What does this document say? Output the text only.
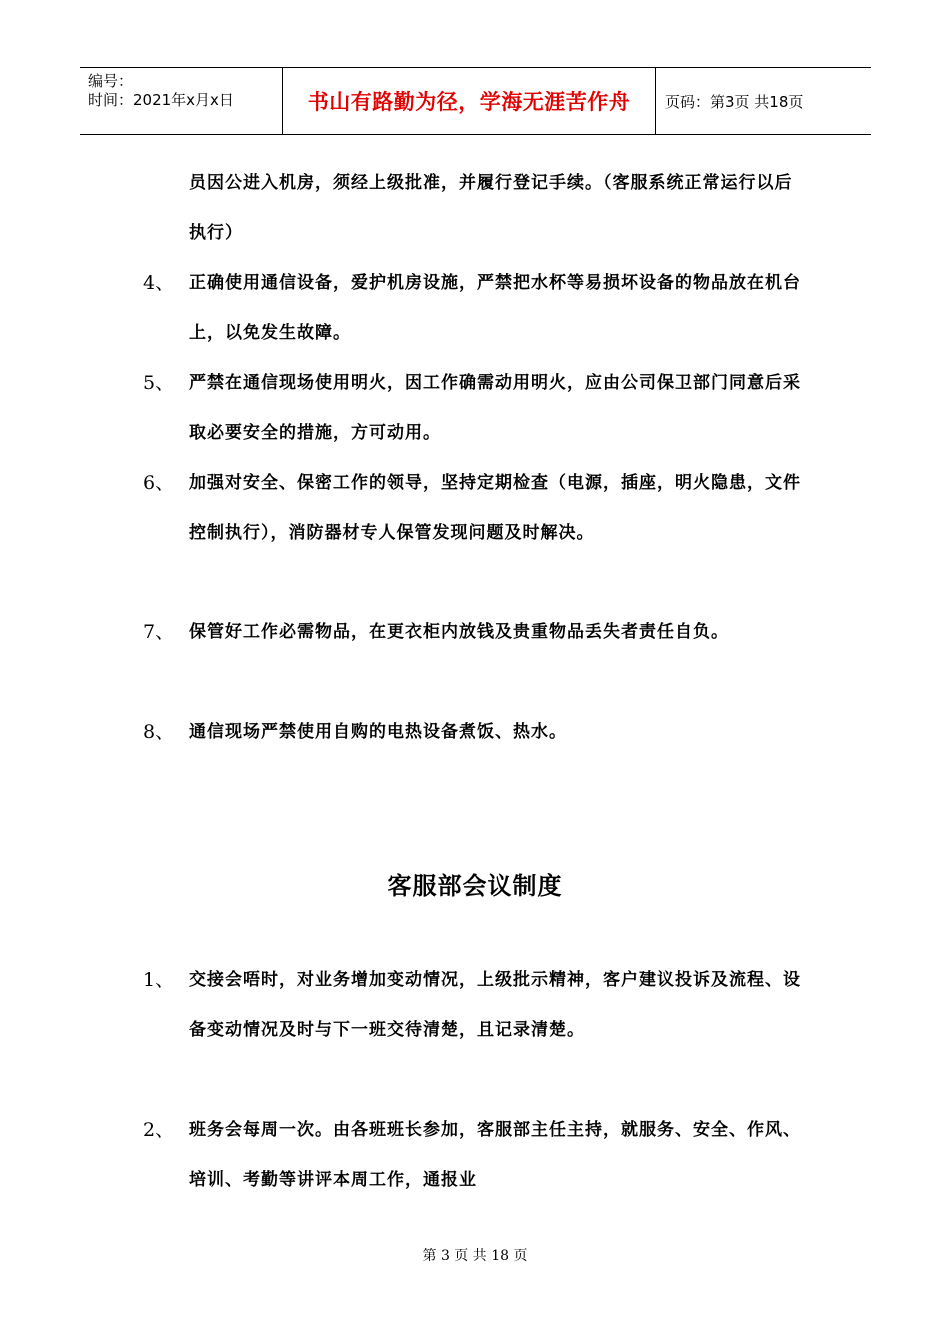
编号：
时间：2021年x月x日	书山有路勤为径，学海无涯苦作舟	页码：第3页 共18页
员因公进入机房，须经上级批准，并履行登记手续。（客服系统正常运行以后执行）
4、 正确使用通信设备，爱护机房设施，严禁把水杯等易损坏设备的物品放在机台上，以免发生故障。
5、 严禁在通信现场使用明火，因工作确需动用明火，应由公司保卫部门同意后采取必要安全的措施，方可动用。
6、 加强对安全、保密工作的领导，坚持定期检查（电源，插座，明火隐患，文件控制执行），消防器材专人保管发现问题及时解决。
7、 保管好工作必需物品，在更衣柜内放钱及贵重物品丢失者责任自负。
8、 通信现场严禁使用自购的电热设备煮饭、热水。
客服部会议制度
1、 交接会唔时，对业务增加变动情况，上级批示精神，客户建议投诉及流程、设备变动情况及时与下一班交待清楚，且记录清楚。
2、 班务会每周一次。由各班班长参加，客服部主任主持，就服务、安全、作风、培训、考勤等讲评本周工作，通报业
第 3 页 共 18 页
